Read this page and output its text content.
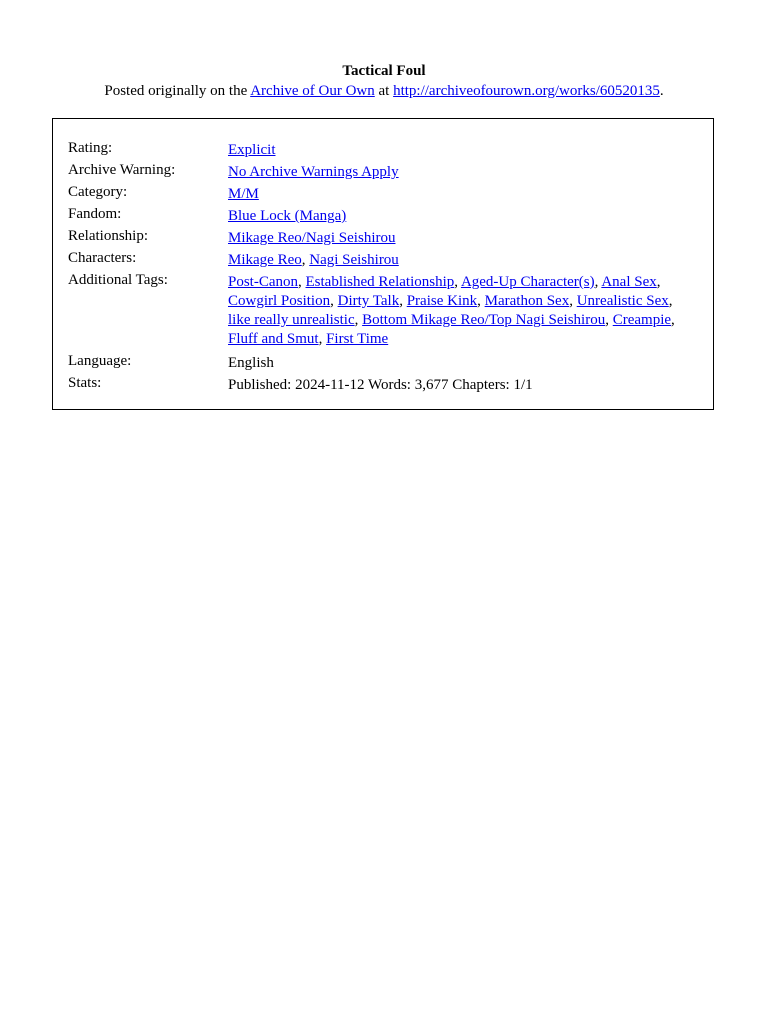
Tactical Foul
Posted originally on the Archive of Our Own at http://archiveofourown.org/works/60520135.
Rating:	Explicit
Archive Warning:	No Archive Warnings Apply
Category:	M/M
Fandom:	Blue Lock (Manga)
Relationship:	Mikage Reo/Nagi Seishirou
Characters:	Mikage Reo, Nagi Seishirou
Additional Tags:	Post-Canon, Established Relationship, Aged-Up Character(s), Anal Sex, Cowgirl Position, Dirty Talk, Praise Kink, Marathon Sex, Unrealistic Sex, like really unrealistic, Bottom Mikage Reo/Top Nagi Seishirou, Creampie, Fluff and Smut, First Time
Language:	English
Stats:	Published: 2024-11-12 Words: 3,677 Chapters: 1/1
